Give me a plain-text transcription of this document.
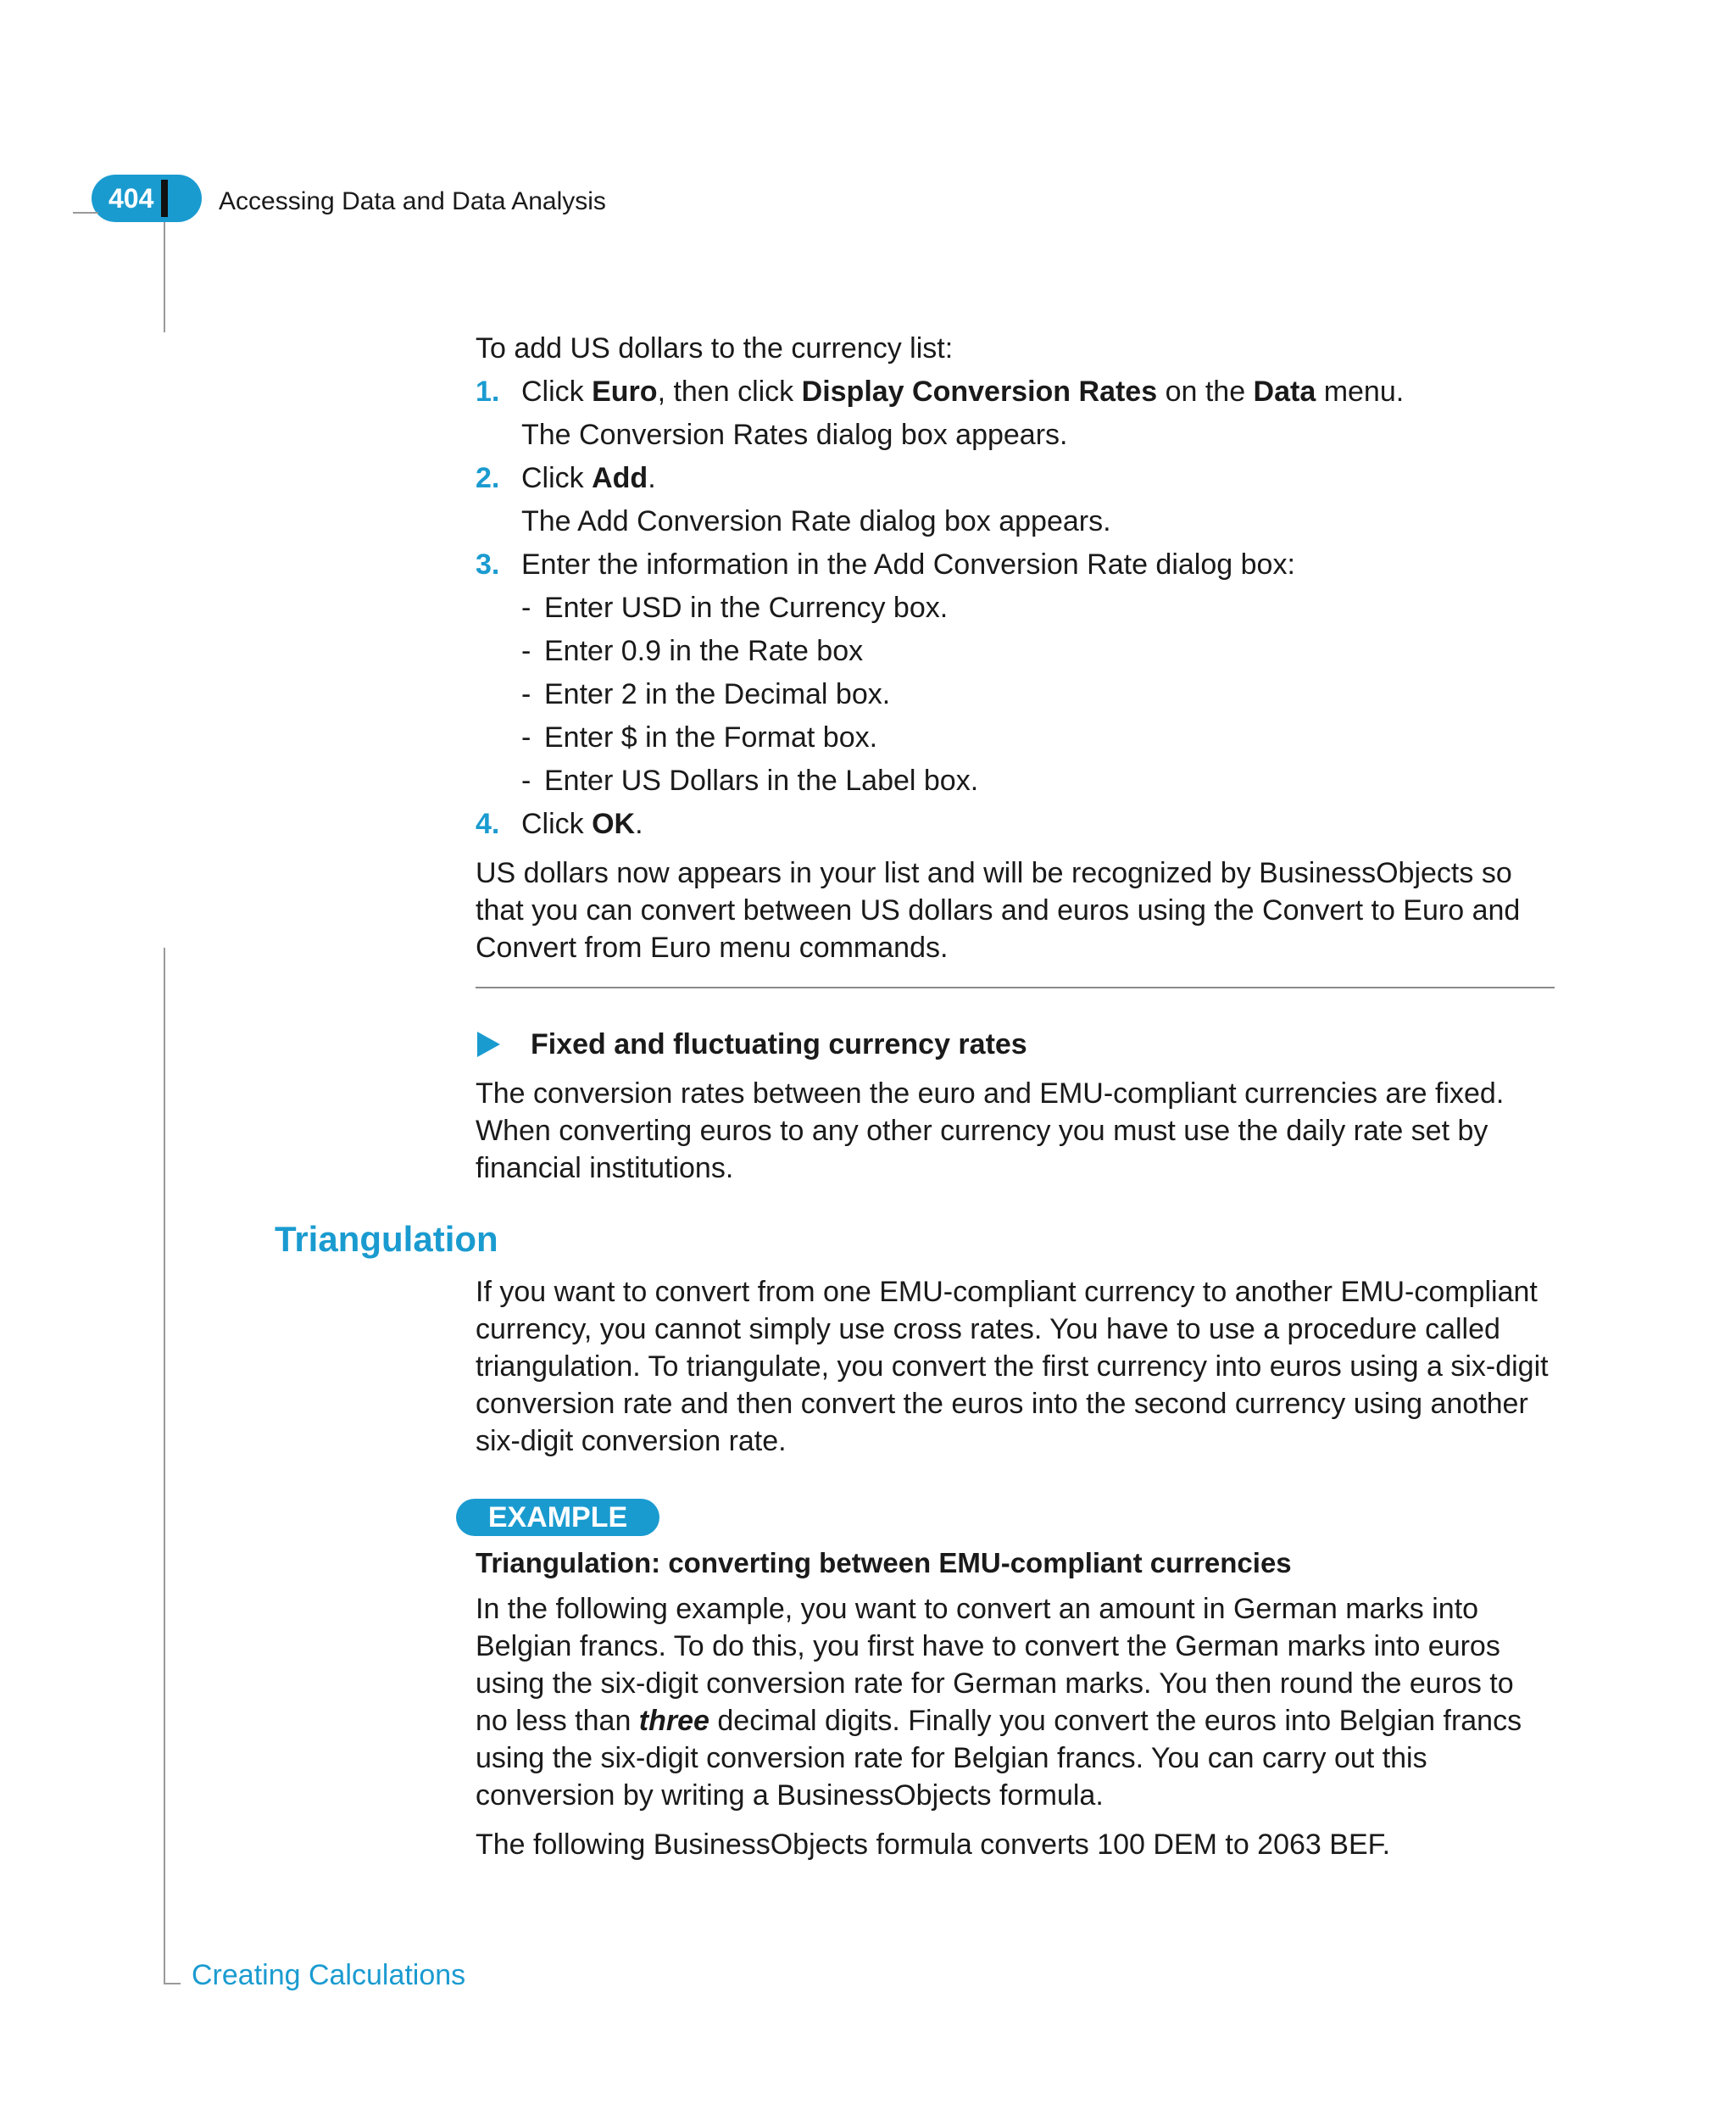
404	Accessing Data and Data Analysis
Creating Calculations

To add US dollars to the currency list:

1. Click Euro, then click Display Conversion Rates on the Data menu.
The Conversion Rates dialog box appears.
2. Click Add.
The Add Conversion Rate dialog box appears.
3. Enter the information in the Add Conversion Rate dialog box:
- Enter USD in the Currency box.
- Enter 0.9 in the Rate box
- Enter 2 in the Decimal box.
- Enter $ in the Format box.
- Enter US Dollars in the Label box.
4. Click OK.

US dollars now appears in your list and will be recognized by BusinessObjects so that you can convert between US dollars and euros using the Convert to Euro and Convert from Euro menu commands.

Fixed and fluctuating currency rates

The conversion rates between the euro and EMU-compliant currencies are fixed. When converting euros to any other currency you must use the daily rate set by financial institutions.

Triangulation

If you want to convert from one EMU-compliant currency to another EMU-compliant currency, you cannot simply use cross rates. You have to use a procedure called triangulation. To triangulate, you convert the first currency into euros using a six-digit conversion rate and then convert the euros into the second currency using another six-digit conversion rate.

EXAMPLE

Triangulation: converting between EMU-compliant currencies

In the following example, you want to convert an amount in German marks into Belgian francs. To do this, you first have to convert the German marks into euros using the six-digit conversion rate for German marks. You then round the euros to no less than three decimal digits. Finally you convert the euros into Belgian francs using the six-digit conversion rate for Belgian francs. You can carry out this conversion by writing a BusinessObjects formula.

The following BusinessObjects formula converts 100 DEM to 2063 BEF.
